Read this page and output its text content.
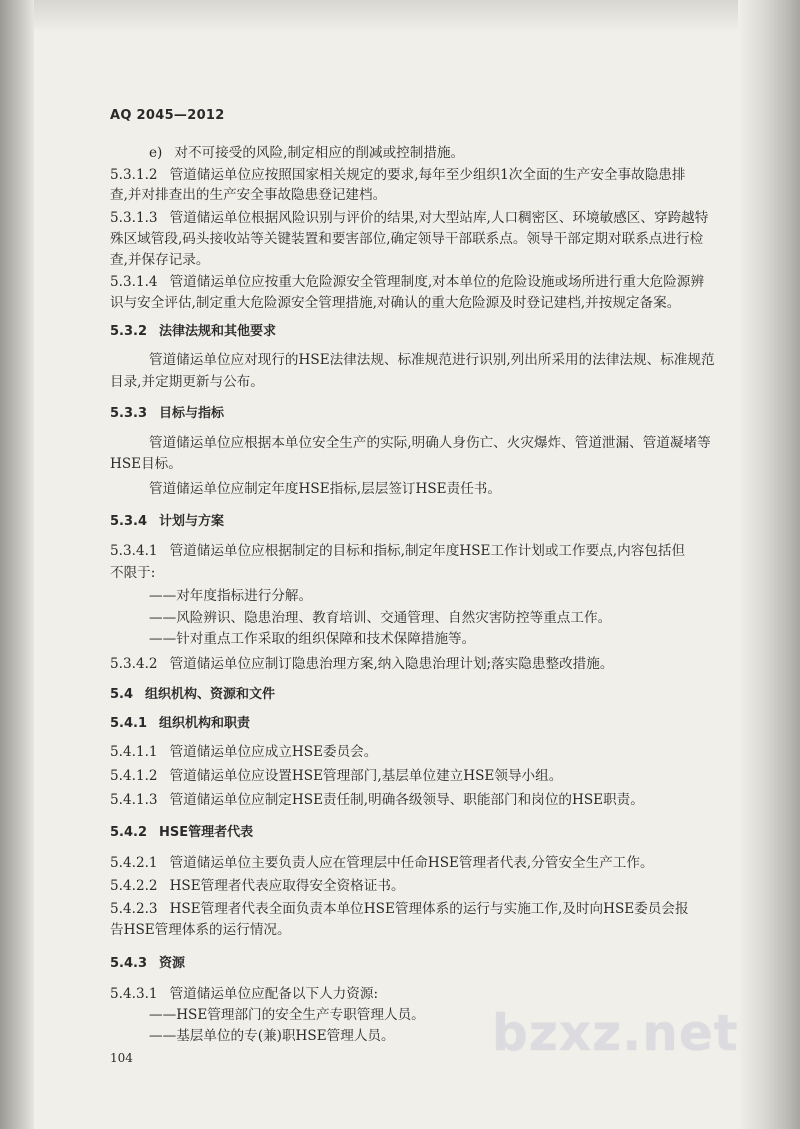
AQ 2045—2012
e) 对不可接受的风险,制定相应的削减或控制措施。
5.3.1.2 管道储运单位应按照国家相关规定的要求,每年至少组织1次全面的生产安全事故隐患排
查,并对排查出的生产安全事故隐患登记建档。
5.3.1.3 管道储运单位根据风险识别与评价的结果,对大型站库,人口稠密区、环境敏感区、穿跨越特
殊区域管段,码头接收站等关键装置和要害部位,确定领导干部联系点。领导干部定期对联系点进行检
查,并保存记录。
5.3.1.4 管道储运单位应按重大危险源安全管理制度,对本单位的危险设施或场所进行重大危险源辨
识与安全评估,制定重大危险源安全管理措施,对确认的重大危险源及时登记建档,并按规定备案。
5.3.2 法律法规和其他要求
管道储运单位应对现行的HSE法律法规、标准规范进行识别,列出所采用的法律法规、标准规范
目录,并定期更新与公布。
5.3.3 目标与指标
管道储运单位应根据本单位安全生产的实际,明确人身伤亡、火灾爆炸、管道泄漏、管道凝堵等
HSE目标。
管道储运单位应制定年度HSE指标,层层签订HSE责任书。
5.3.4 计划与方案
5.3.4.1 管道储运单位应根据制定的目标和指标,制定年度HSE工作计划或工作要点,内容包括但
不限于:
——对年度指标进行分解。
——风险辨识、隐患治理、教育培训、交通管理、自然灾害防控等重点工作。
——针对重点工作采取的组织保障和技术保障措施等。
5.3.4.2 管道储运单位应制订隐患治理方案,纳入隐患治理计划;落实隐患整改措施。
5.4 组织机构、资源和文件
5.4.1 组织机构和职责
5.4.1.1 管道储运单位应成立HSE委员会。
5.4.1.2 管道储运单位应设置HSE管理部门,基层单位建立HSE领导小组。
5.4.1.3 管道储运单位应制定HSE责任制,明确各级领导、职能部门和岗位的HSE职责。
5.4.2 HSE管理者代表
5.4.2.1 管道储运单位主要负责人应在管理层中任命HSE管理者代表,分管安全生产工作。
5.4.2.2 HSE管理者代表应取得安全资格证书。
5.4.2.3 HSE管理者代表全面负责本单位HSE管理体系的运行与实施工作,及时向HSE委员会报
告HSE管理体系的运行情况。
5.4.3 资源
5.4.3.1 管道储运单位应配备以下人力资源:
——HSE管理部门的安全生产专职管理人员。
——基层单位的专(兼)职HSE管理人员。
104	bzxz.net
